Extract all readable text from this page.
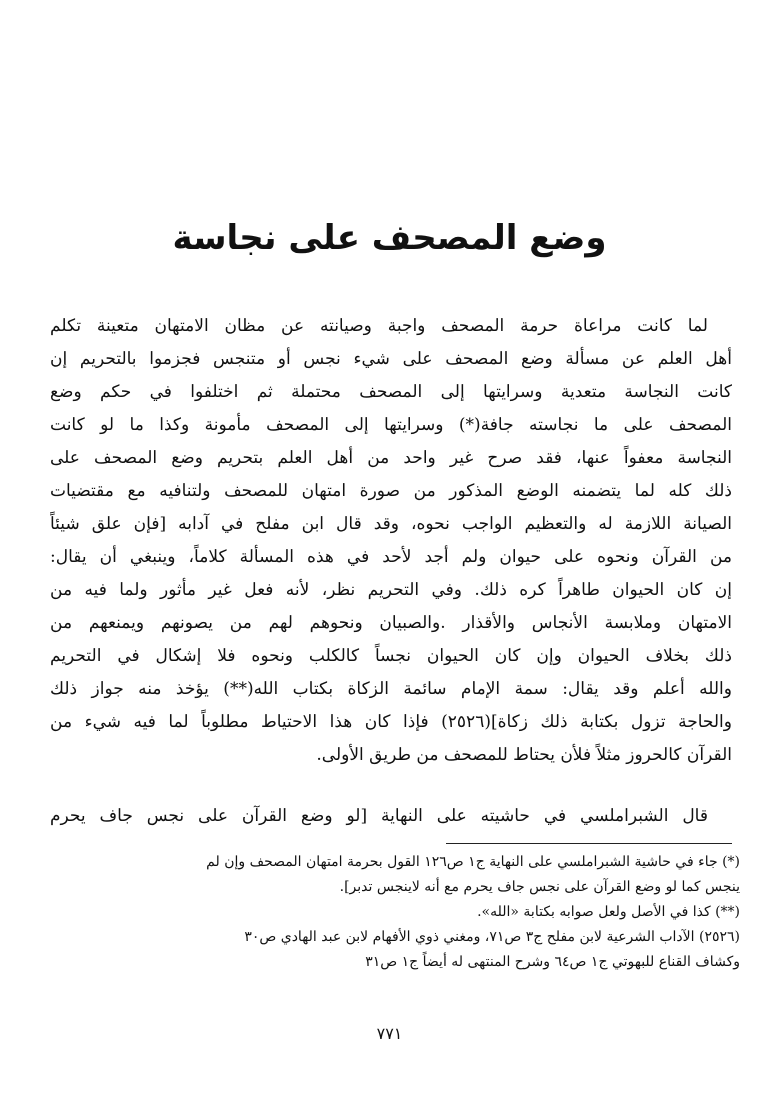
وضع المصحف على نجاسة
لما كانت مراعاة حرمة المصحف واجبة وصيانته عن مظان الامتهان متعينة تكلم
أهل العلم عن مسألة وضع المصحف على شيء نجس أو متنجس فجزموا بالتحريم إن
كانت النجاسة متعدية وسرايتها إلى المصحف محتملة ثم اختلفوا في حكم وضع
المصحف على ما نجاسته جافة(*) وسرايتها إلى المصحف مأمونة وكذا ما لو كانت
النجاسة معفواً عنها، فقد صرح غير واحد من أهل العلم بتحريم وضع المصحف على
ذلك كله لما يتضمنه الوضع المذكور من صورة امتهان للمصحف ولتنافيه مع مقتضيات
الصيانة اللازمة له والتعظيم الواجب نحوه، وقد قال ابن مفلح في آدابه [فإن علق شيئاً
من القرآن ونحوه على حيوان ولم أجد لأحد في هذه المسألة كلاماً، وينبغي أن يقال:
إن كان الحيوان طاهراً كره ذلك. وفي التحريم نظر، لأنه فعل غير مأثور ولما فيه من
الامتهان وملابسة الأنجاس والأقذار .والصبيان ونحوهم لهم من يصونهم ويمنعهم من
ذلك بخلاف الحيوان وإن كان الحيوان نجساً كالكلب ونحوه فلا إشكال في التحريم
والله أعلم وقد يقال: سمة الإمام سائمة الزكاة بكتاب الله(**) يؤخذ منه جواز ذلك
والحاجة تزول بكتابة ذلك زكاة](٢٥٢٦) فإذا كان هذا الاحتياط مطلوباً لما فيه شيء من
القرآن كالحروز مثلاً فلأن يحتاط للمصحف من طريق الأولى.
قال الشبراملسي في حاشيته على النهاية [لو وضع القرآن على نجس جاف يحرم
(*) جاء في حاشية الشبراملسي على النهاية ج١ ص١٢٦ القول بحرمة امتهان المصحف وإن لم
ينجس كما لو وضع القرآن على نجس جاف يحرم مع أنه لاينجس تدبر].
(**) كذا في الأصل ولعل صوابه بكتابة «الله».
(٢٥٢٦) الآداب الشرعية لابن مفلح ج٣ ص٧١، ومغني ذوي الأفهام لابن عبد الهادي ص٣٠
وكشاف القناع للبهوتي ج١ ص٦٤ وشرح المنتهى له أيضاً ج١ ص٣١
٧٧١
